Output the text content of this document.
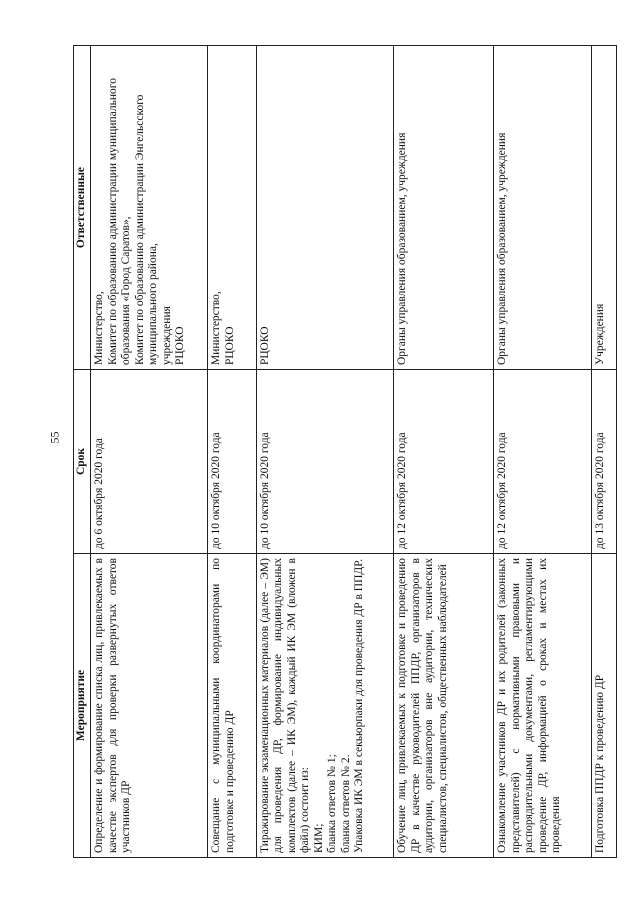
55
Мероприятие	Срок	Ответственные

Определение и формирование списка лиц, привлекаемых в качестве экспертов для проверки развернутых ответов участников ДР	до 6 октября 2020 года	Министерство, Комитет по образованию администрации муниципального образования «Город Саратов», Комитет по образованию администрации Энгельсского муниципального района, учреждения РЦОКО

Совещание с муниципальными координаторами по подготовке и проведению ДР	до 10 октября 2020 года	Министерство, РЦОКО

Тиражирование экзаменационных материалов (далее – ЭМ) для проведения ДР, формирование индивидуальных комплектов (далее – ИК ЭМ), каждый ИК ЭМ (вложен в файл) состоит из: КИМ; бланка ответов № 1; бланка ответов № 2. Упаковка ИК ЭМ в секьюрпаки для проведения ДР в ППДР.	до 10 октября 2020 года	РЦОКО

Обучение лиц, привлекаемых к подготовке и проведению ДР в качестве руководителей ППДР, организаторов в аудитории, организаторов вне аудитории, технических специалистов, специалистов, общественных наблюдателей	до 12 октября 2020 года	Органы управления образованием, учреждения

Ознакомление участников ДР и их родителей (законных представителей) с нормативными правовыми и распорядительными документами, регламентирующими проведение ДР, информацией о сроках и местах их проведения	до 12 октября 2020 года	Органы управления образованием, учреждения

Подготовка ППДР к проведению ДР	до 13 октября 2020 года	Учреждения
